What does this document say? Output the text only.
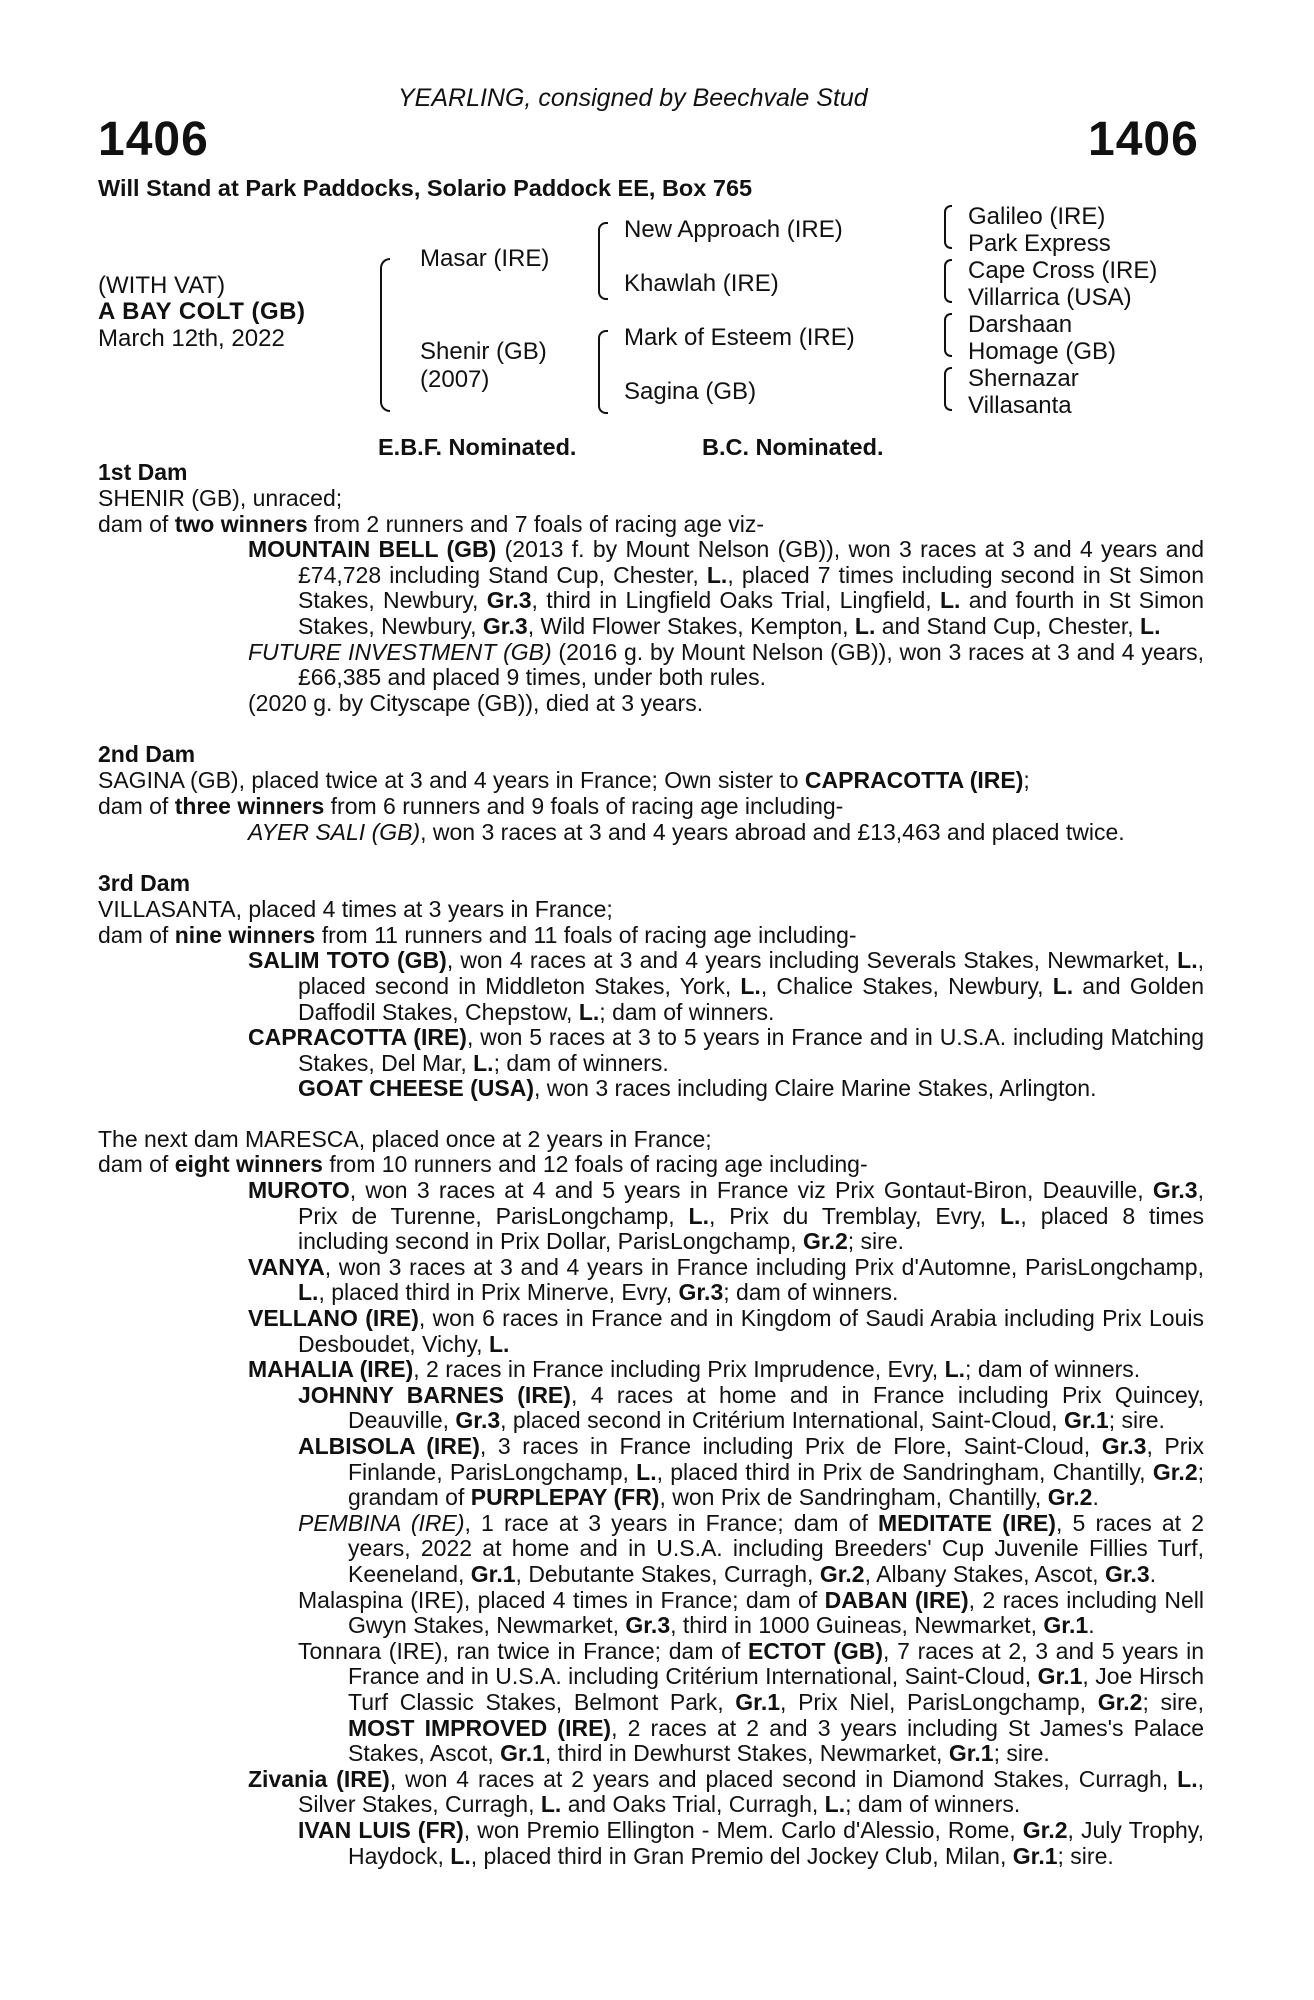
YEARLING, consigned by Beechvale Stud
1406	1406
Will Stand at Park Paddocks, Solario Paddock EE, Box 765
(WITH VAT)
A BAY COLT (GB)
March 12th, 2022
Masar (IRE)
Shenir (GB)
(2007)
New Approach (IRE)
Khawlah (IRE)
Mark of Esteem (IRE)
Sagina (GB)
Galileo (IRE)
Park Express
Cape Cross (IRE)
Villarrica (USA)
Darshaan
Homage (GB)
Shernazar
Villasanta
E.B.F. Nominated.	B.C. Nominated.
1st Dam

SHENIR (GB), unraced;

dam of two winners from 2 runners and 7 foals of racing age viz-

MOUNTAIN BELL (GB) (2013 f. by Mount Nelson (GB)), won 3 races at 3 and 4 years and £74,728 including Stand Cup, Chester, L., placed 7 times including second in St Simon Stakes, Newbury, Gr.3, third in Lingfield Oaks Trial, Lingfield, L. and fourth in St Simon Stakes, Newbury, Gr.3, Wild Flower Stakes, Kempton, L. and Stand Cup, Chester, L.

FUTURE INVESTMENT (GB) (2016 g. by Mount Nelson (GB)), won 3 races at 3 and 4 years, £66,385 and placed 9 times, under both rules.

(2020 g. by Cityscape (GB)), died at 3 years.

2nd Dam

SAGINA (GB), placed twice at 3 and 4 years in France; Own sister to CAPRACOTTA (IRE);

dam of three winners from 6 runners and 9 foals of racing age including-

AYER SALI (GB), won 3 races at 3 and 4 years abroad and £13,463 and placed twice.

3rd Dam

VILLASANTA, placed 4 times at 3 years in France;

dam of nine winners from 11 runners and 11 foals of racing age including-

SALIM TOTO (GB), won 4 races at 3 and 4 years including Severals Stakes, Newmarket, L., placed second in Middleton Stakes, York, L., Chalice Stakes, Newbury, L. and Golden Daffodil Stakes, Chepstow, L.; dam of winners.

CAPRACOTTA (IRE), won 5 races at 3 to 5 years in France and in U.S.A. including Matching Stakes, Del Mar, L.; dam of winners.

GOAT CHEESE (USA), won 3 races including Claire Marine Stakes, Arlington.

The next dam MARESCA, placed once at 2 years in France;

dam of eight winners from 10 runners and 12 foals of racing age including-

MUROTO, won 3 races at 4 and 5 years in France viz Prix Gontaut-Biron, Deauville, Gr.3, Prix de Turenne, ParisLongchamp, L., Prix du Tremblay, Evry, L., placed 8 times including second in Prix Dollar, ParisLongchamp, Gr.2; sire.

VANYA, won 3 races at 3 and 4 years in France including Prix d'Automne, ParisLongchamp, L., placed third in Prix Minerve, Evry, Gr.3; dam of winners.

VELLANO (IRE), won 6 races in France and in Kingdom of Saudi Arabia including Prix Louis Desboudet, Vichy, L.

MAHALIA (IRE), 2 races in France including Prix Imprudence, Evry, L.; dam of winners.

JOHNNY BARNES (IRE), 4 races at home and in France including Prix Quincey, Deauville, Gr.3, placed second in Critérium International, Saint-Cloud, Gr.1; sire.

ALBISOLA (IRE), 3 races in France including Prix de Flore, Saint-Cloud, Gr.3, Prix Finlande, ParisLongchamp, L., placed third in Prix de Sandringham, Chantilly, Gr.2; grandam of PURPLEPAY (FR), won Prix de Sandringham, Chantilly, Gr.2.

PEMBINA (IRE), 1 race at 3 years in France; dam of MEDITATE (IRE), 5 races at 2 years, 2022 at home and in U.S.A. including Breeders' Cup Juvenile Fillies Turf, Keeneland, Gr.1, Debutante Stakes, Curragh, Gr.2, Albany Stakes, Ascot, Gr.3.

Malaspina (IRE), placed 4 times in France; dam of DABAN (IRE), 2 races including Nell Gwyn Stakes, Newmarket, Gr.3, third in 1000 Guineas, Newmarket, Gr.1.

Tonnara (IRE), ran twice in France; dam of ECTOT (GB), 7 races at 2, 3 and 5 years in France and in U.S.A. including Critérium International, Saint-Cloud, Gr.1, Joe Hirsch Turf Classic Stakes, Belmont Park, Gr.1, Prix Niel, ParisLongchamp, Gr.2; sire, MOST IMPROVED (IRE), 2 races at 2 and 3 years including St James's Palace Stakes, Ascot, Gr.1, third in Dewhurst Stakes, Newmarket, Gr.1; sire.

Zivania (IRE), won 4 races at 2 years and placed second in Diamond Stakes, Curragh, L., Silver Stakes, Curragh, L. and Oaks Trial, Curragh, L.; dam of winners.

IVAN LUIS (FR), won Premio Ellington - Mem. Carlo d'Alessio, Rome, Gr.2, July Trophy, Haydock, L., placed third in Gran Premio del Jockey Club, Milan, Gr.1; sire.
